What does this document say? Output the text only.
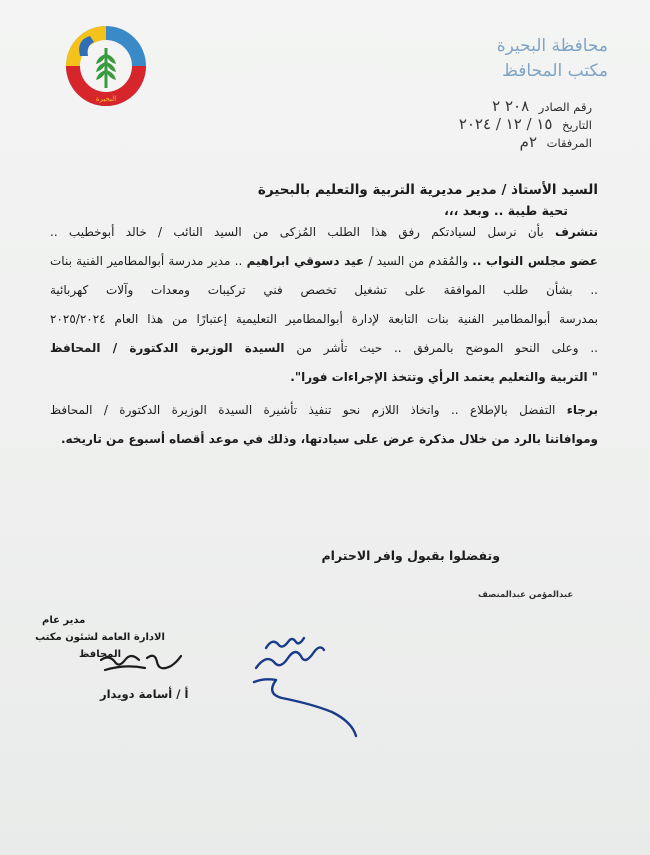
البحيرة
محافظة البحيرة
مكتب المحافظ
رقم الصادر ٢٠٨ ٢
التاريخ ١٥ / ١٢ / ٢٠٢٤
المرفقات ٢م
السيد الأستاذ / مدير مديرية التربية والتعليم بالبحيرة
تحية طيبة .. وبعد ،،،
نتشرف بأن نرسل لسيادتكم رفق هذا الطلب المُزكى من السيد النائب / خالد أبوخطيب ..
عضو مجلس النواب .. والمُقدم من السيد / عيد دسوقي ابراهيم .. مدير مدرسة أبوالمطامير الفنية بنات
.. بشأن طلب الموافقة على تشغيل تخصص فني تركيبات ومعدات وآلات كهربائية
بمدرسة أبوالمطامير الفنية بنات التابعة لإدارة أبوالمطامير التعليمية إعتبارًا من هذا العام ٢٠٢٥/٢٠٢٤
.. وعلى النحو الموضح بالمرفق .. حيث تأشر من السيدة الوزيرة الدكتورة / المحافظ
" التربية والتعليم يعتمد الرأي وتتخذ الإجراءات فورا".
برجاء التفضل بالإطلاع .. واتخاذ اللازم نحو تنفيذ تأشيرة السيدة الوزيرة الدكتورة / المحافظ
وموافاتنا بالرد من خلال مذكرة عرض على سيادتها، وذلك في موعد أقصاه أسبوع من تاريخه.
وتفضلوا بقبول وافر الاحترام
عبدالمؤمن عبدالمنصف
مدير عام
الادارة العامة لشئون مكتب المحافظ
أ / أسامة دويدار
